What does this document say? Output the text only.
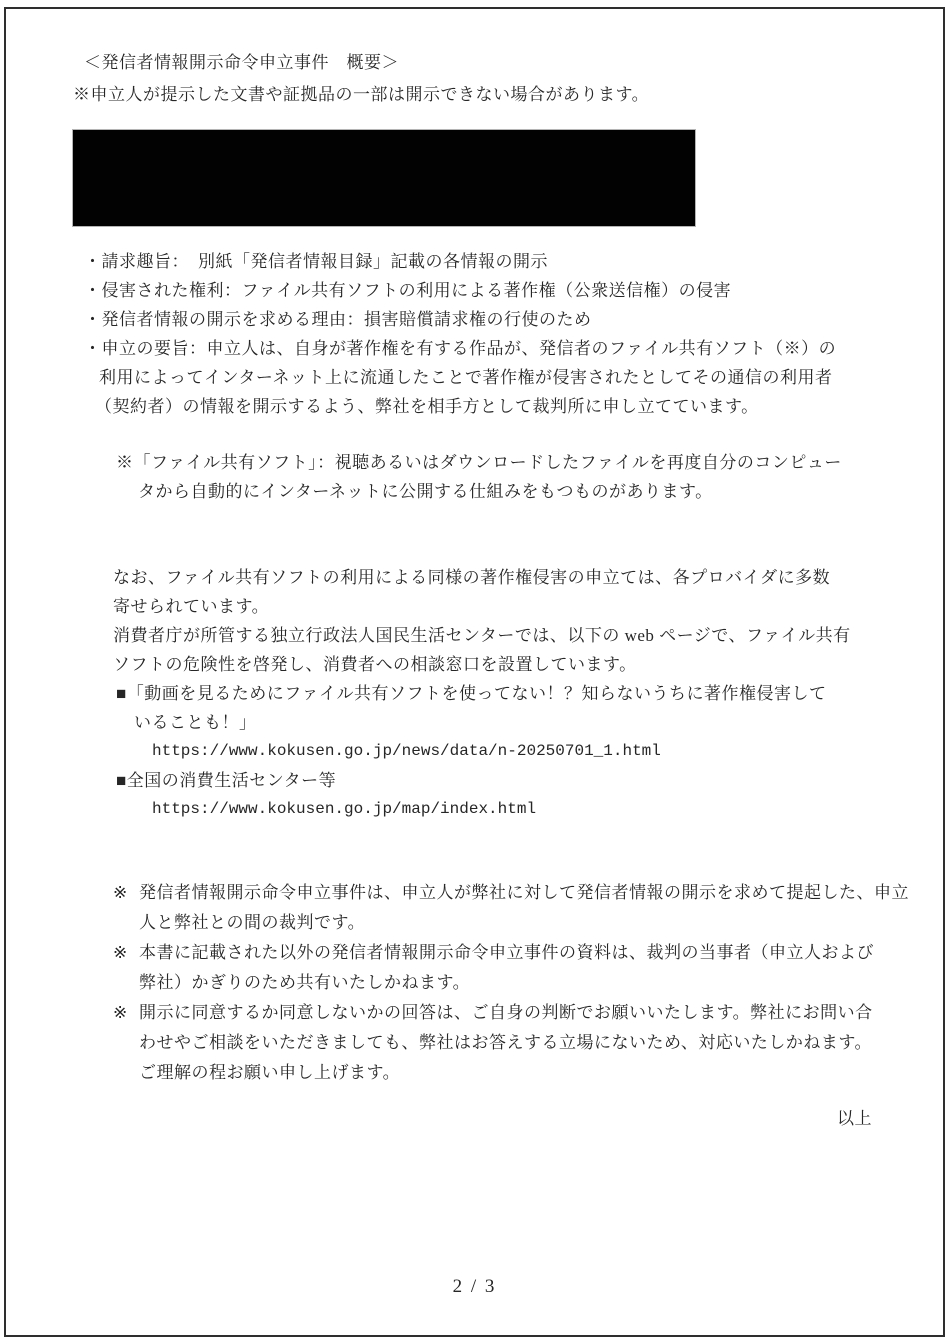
＜発信者情報開示命令申立事件　概要＞
※申立人が提示した文書や証拠品の一部は開示できない場合があります。
・請求趣旨：　別紙「発信者情報目録」記載の各情報の開示
・侵害された権利：ファイル共有ソフトの利用による著作権（公衆送信権）の侵害
・発信者情報の開示を求める理由：損害賠償請求権の行使のため
・申立の要旨：申立人は、自身が著作権を有する作品が、発信者のファイル共有ソフト（※）の
利用によってインターネット上に流通したことで著作権が侵害されたとしてその通信の利用者
（契約者）の情報を開示するよう、弊社を相手方として裁判所に申し立てています。
※「ファイル共有ソフト」：視聴あるいはダウンロードしたファイルを再度自分のコンピュー
タから自動的にインターネットに公開する仕組みをもつものがあります。
なお、ファイル共有ソフトの利用による同様の著作権侵害の申立ては、各プロバイダに多数
寄せられています。
消費者庁が所管する独立行政法人国民生活センターでは、以下の web ページで、ファイル共有
ソフトの危険性を啓発し、消費者への相談窓口を設置しています。
■「動画を見るためにファイル共有ソフトを使ってない！？知らないうちに著作権侵害して
いることも！」
https://www.kokusen.go.jp/news/data/n-20250701_1.html
■全国の消費生活センター等
https://www.kokusen.go.jp/map/index.html
※ 発信者情報開示命令申立事件は、申立人が弊社に対して発信者情報の開示を求めて提起した、申立
人と弊社との間の裁判です。
※ 本書に記載された以外の発信者情報開示命令申立事件の資料は、裁判の当事者（申立人および
弊社）かぎりのため共有いたしかねます。
※ 開示に同意するか同意しないかの回答は、ご自身の判断でお願いいたします。弊社にお問い合
わせやご相談をいただきましても、弊社はお答えする立場にないため、対応いたしかねます。
ご理解の程お願い申し上げます。
以上
2 / 3
